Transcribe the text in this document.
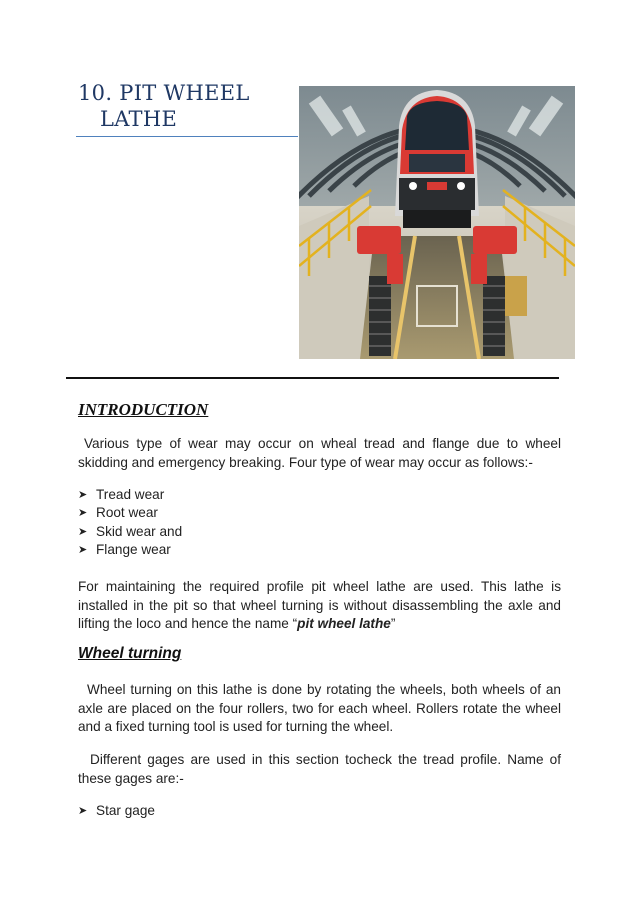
10. PIT WHEEL
LATHE
INTRODUCTION

Various type of wear may occur on wheal tread and flange due to wheel skidding and emergency breaking. Four type of wear may occur as follows:-

➤ Tread wear
➤ Root wear
➤ Skid wear and
➤ Flange wear

For maintaining the required profile pit wheel lathe are used. This lathe is installed in the pit so that wheel turning is without disassembling the axle and lifting the loco and hence the name “pit wheel lathe”

Wheel turning

Wheel turning on this lathe is done by rotating the wheels, both wheels of an axle are placed on the four rollers, two for each wheel. Rollers rotate the wheel and a fixed turning tool is used for turning the wheel.

Different gages are used in this section tocheck the tread profile. Name of these gages are:-

➤ Star gage
